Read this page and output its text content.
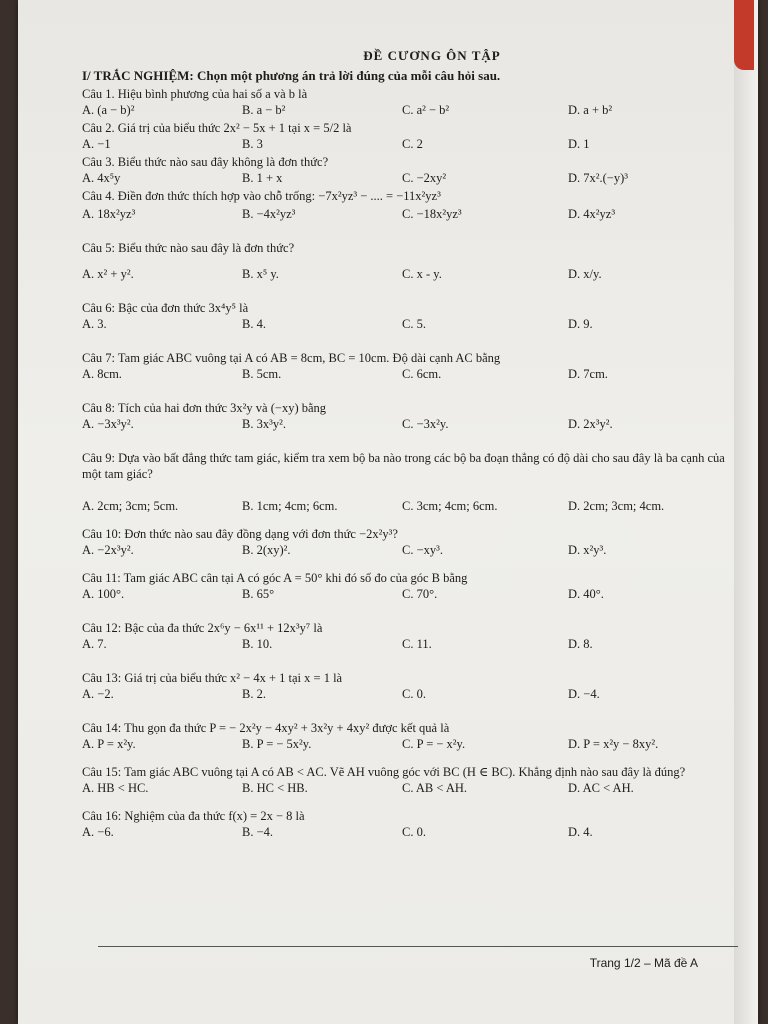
ĐỀ CƯƠNG ÔN TẬP
I/ TRẮC NGHIỆM: Chọn một phương án trả lời đúng của mỗi câu hỏi sau.
Câu 1. Hiệu bình phương của hai số a và b là
A. (a − b)²	B. a − b²	C. a² − b²	D. a + b²
Câu 2. Giá trị của biểu thức 2x² − 5x + 1 tại x = 5/2 là
A. −1	B. 3	C. 2	D. 1
Câu 3. Biểu thức nào sau đây không là đơn thức?
A. 4x⁵y	B. 1 + x	C. −2xy²	D. 7x².(−y)³
Câu 4. Điền đơn thức thích hợp vào chỗ trống: −7x²yz³ − .... = −11x²yz³
A. 18x²yz³	B. −4x²yz³	C. −18x²yz³	D. 4x²yz³
Câu 5: Biểu thức nào sau đây là đơn thức?
A. x² + y².	B. x⁵ y.	C. x - y.	D. x/y.
Câu 6: Bậc của đơn thức 3x⁴y⁵ là
A. 3.	B. 4.	C. 5.	D. 9.
Câu 7: Tam giác ABC vuông tại A có AB = 8cm, BC = 10cm. Độ dài cạnh AC bằng
A. 8cm.	B. 5cm.	C. 6cm.	D. 7cm.
Câu 8: Tích của hai đơn thức 3x²y và (−xy) bằng
A. −3x³y².	B. 3x³y².	C. −3x²y.	D. 2x³y².
Câu 9: Dựa vào bất đẳng thức tam giác, kiểm tra xem bộ ba nào trong các bộ ba đoạn thẳng có độ dài cho sau đây là ba cạnh của một tam giác?
A. 2cm; 3cm; 5cm.	B. 1cm; 4cm; 6cm.	C. 3cm; 4cm; 6cm.	D. 2cm; 3cm; 4cm.
Câu 10: Đơn thức nào sau đây đồng dạng với đơn thức −2x²y³?
A. −2x³y².	B. 2(xy)².	C. −xy³.	D. x²y³.
Câu 11: Tam giác ABC cân tại A có góc A = 50° khi đó số đo của góc B bằng
A. 100°.	B. 65°	C. 70°.	D. 40°.
Câu 12: Bậc của đa thức 2x⁶y − 6x¹¹ + 12x³y⁷ là
A. 7.	B. 10.	C. 11.	D. 8.
Câu 13: Giá trị của biểu thức x² − 4x + 1 tại x = 1 là
A. −2.	B. 2.	C. 0.	D. −4.
Câu 14: Thu gọn đa thức P = − 2x²y − 4xy² + 3x²y + 4xy² được kết quả là
A. P = x²y.	B. P = − 5x²y.	C. P = − x²y.	D. P = x²y − 8xy².
Câu 15: Tam giác ABC vuông tại A có AB < AC. Vẽ AH vuông góc với BC (H ∈ BC). Khẳng định nào sau đây là đúng?
A. HB < HC.	B. HC < HB.	C. AB < AH.	D. AC < AH.
Câu 16: Nghiệm của đa thức f(x) = 2x − 8 là
A. −6.	B. −4.	C. 0.	D. 4.
Trang 1/2 – Mã đề A
